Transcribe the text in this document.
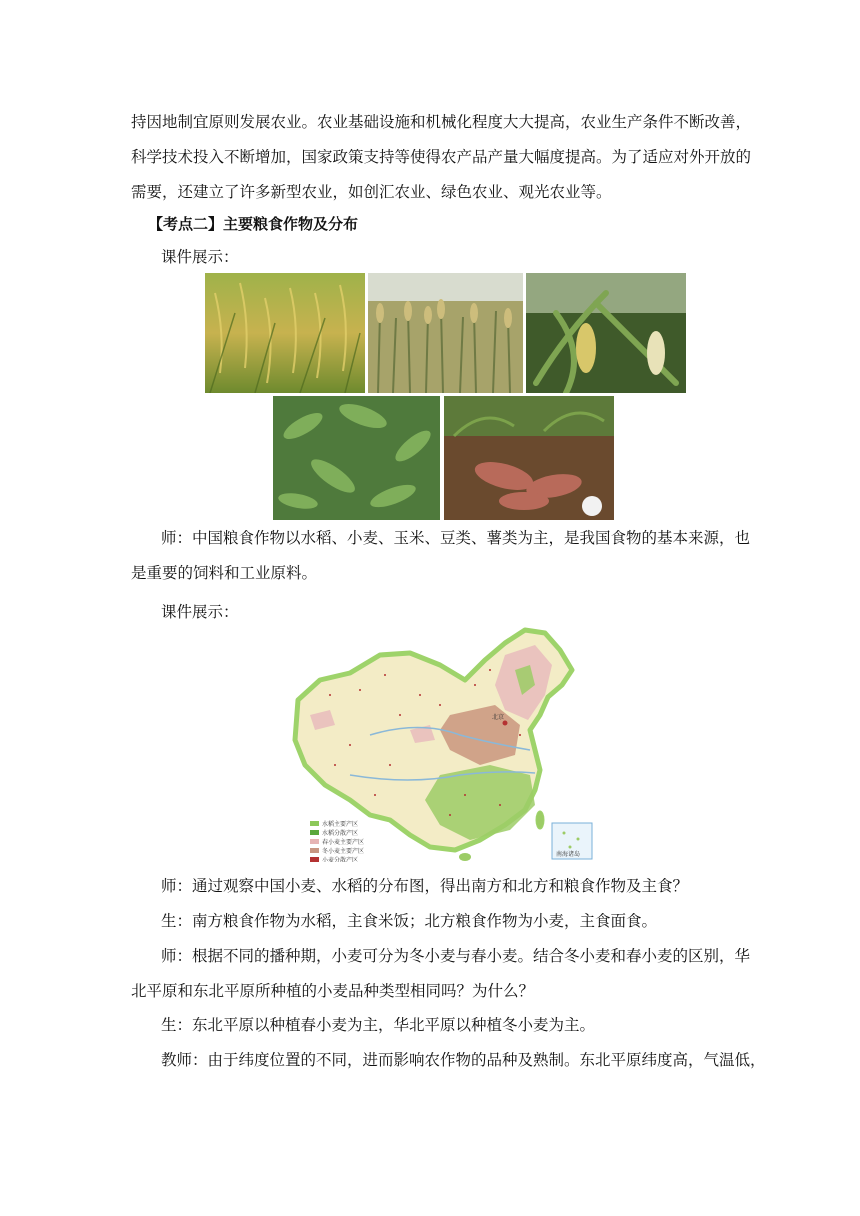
持因地制宜原则发展农业。农业基础设施和机械化程度大大提高，农业生产条件不断改善，
科学技术投入不断增加，国家政策支持等使得农产品产量大幅度提高。为了适应对外开放的
需要，还建立了许多新型农业，如创汇农业、绿色农业、观光农业等。
【考点二】主要粮食作物及分布
课件展示：
师：中国粮食作物以水稻、小麦、玉米、豆类、薯类为主，是我国食物的基本来源，也
是重要的饲料和工业原料。
课件展示：
北京
南海诸岛
水稻主要产区
水稻分散产区
春小麦主要产区
冬小麦主要产区
小麦分散产区
师：通过观察中国小麦、水稻的分布图，得出南方和北方和粮食作物及主食？
生：南方粮食作物为水稻，主食米饭；北方粮食作物为小麦，主食面食。
师：根据不同的播种期，小麦可分为冬小麦与春小麦。结合冬小麦和春小麦的区别，华
北平原和东北平原所种植的小麦品种类型相同吗？为什么？
生：东北平原以种植春小麦为主，华北平原以种植冬小麦为主。
教师：由于纬度位置的不同，进而影响农作物的品种及熟制。东北平原纬度高，气温低，
